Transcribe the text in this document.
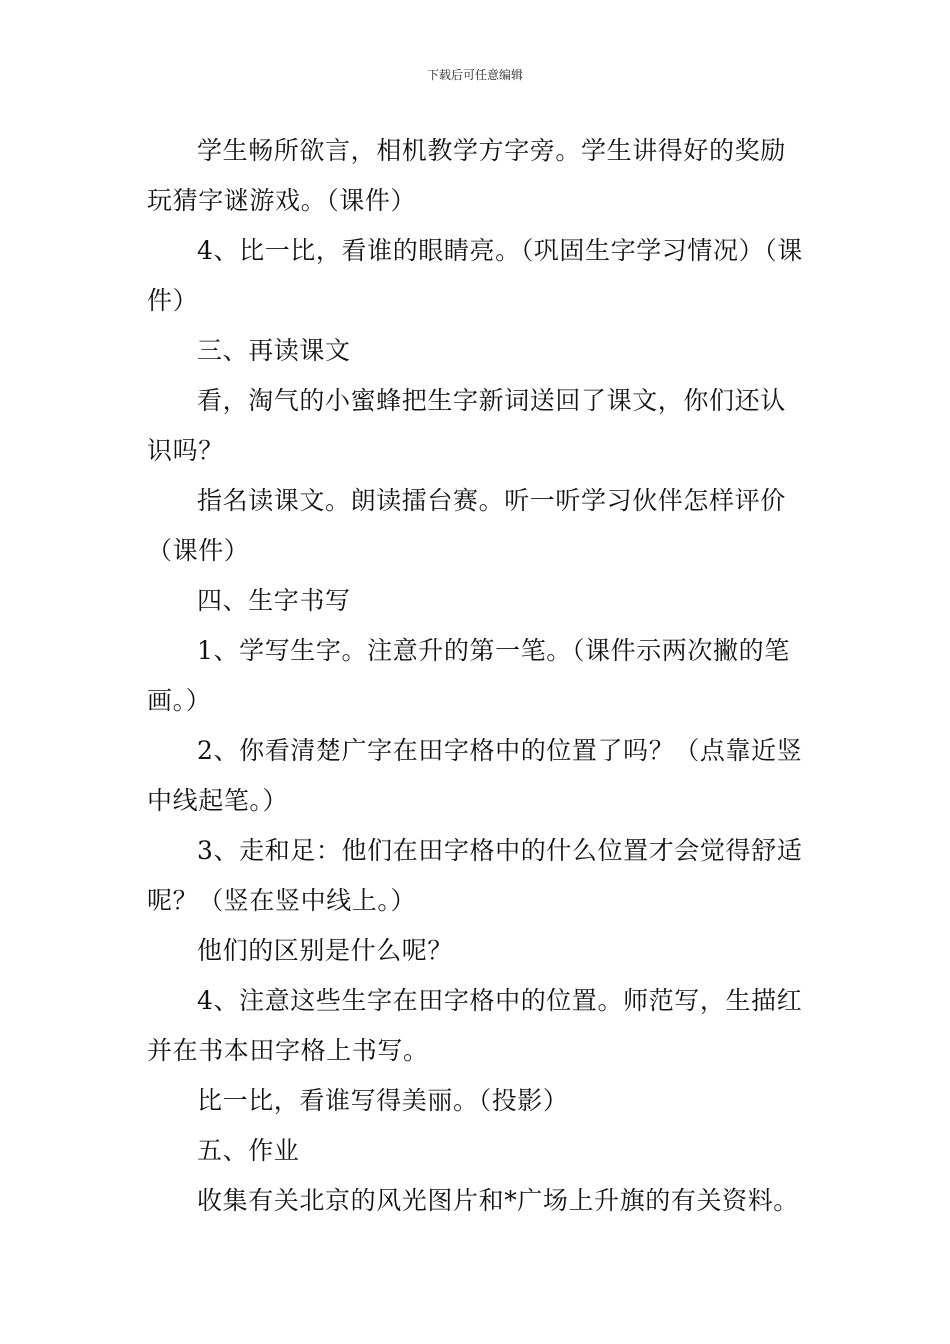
下载后可任意编辑

学生畅所欲言，相机教学方字旁。学生讲得好的奖励玩猜字谜游戏。（课件）

4、比一比，看谁的眼睛亮。（巩固生字学习情况）（课件）

三、再读课文

看，淘气的小蜜蜂把生字新词送回了课文，你们还认识吗？

指名读课文。朗读擂台赛。听一听学习伙伴怎样评价（课件）

四、生字书写

1、学写生字。注意升的第一笔。（课件示两次撇的笔画。）

2、你看清楚广字在田字格中的位置了吗？（点靠近竖中线起笔。）

3、走和足：他们在田字格中的什么位置才会觉得舒适呢？（竖在竖中线上。）

他们的区别是什么呢？

4、注意这些生字在田字格中的位置。师范写，生描红并在书本田字格上书写。

比一比，看谁写得美丽。（投影）

五、作业

收集有关北京的风光图片和*广场上升旗的有关资料。
